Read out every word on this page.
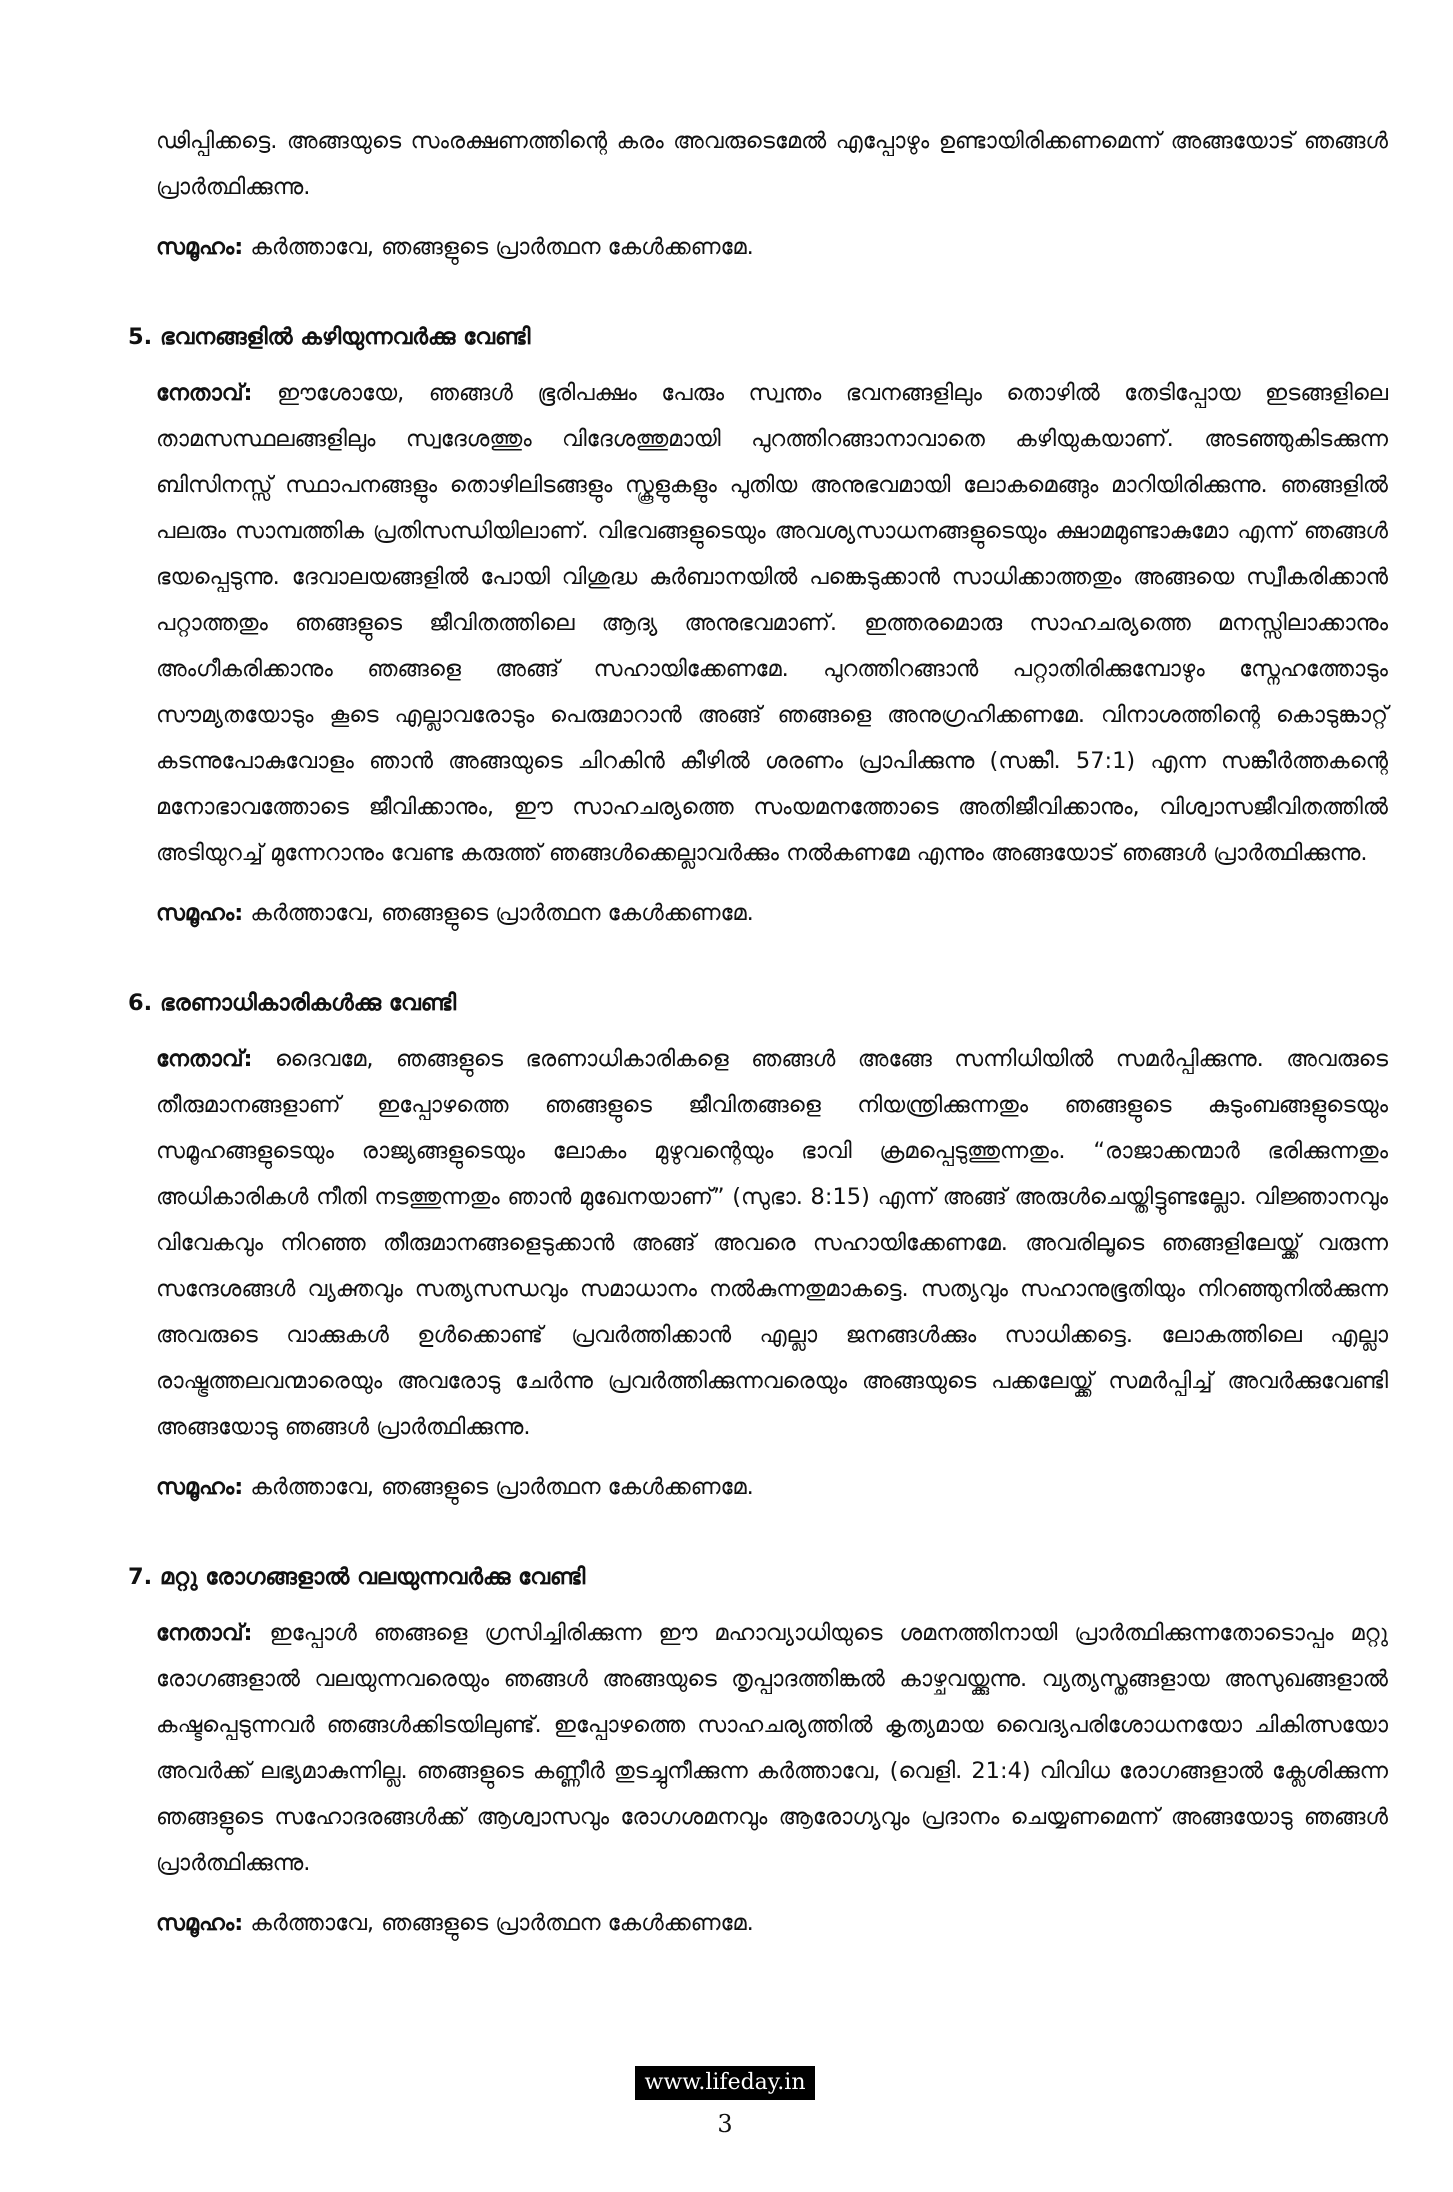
ഢിപ്പിക്കട്ടെ. അങ്ങയുടെ സംരക്ഷണത്തിന്റെ കരം അവരുടെമേൽ എപ്പോഴും ഉണ്ടായിരിക്കണമെന്ന് അങ്ങയോട് ഞങ്ങൾ പ്രാർത്ഥിക്കുന്നു.

സമൂഹം: കർത്താവേ, ഞങ്ങളുടെ പ്രാർത്ഥന കേൾക്കണമേ.

5. ഭവനങ്ങളിൽ കഴിയുന്നവർക്കു വേണ്ടി

നേതാവ്: ഈശോയേ, ഞങ്ങൾ ഭൂരിപക്ഷം പേരും സ്വന്തം ഭവനങ്ങളിലും തൊഴിൽ തേടിപ്പോയ ഇടങ്ങളിലെ താമസസ്ഥലങ്ങളിലും സ്വദേശത്തും വിദേശത്തുമായി പുറത്തിറങ്ങാനാവാതെ കഴിയുകയാണ്. അടഞ്ഞുകിടക്കുന്ന ബിസിനസ്സ് സ്ഥാപനങ്ങളും തൊഴിലിടങ്ങളും സ്കൂളുകളും പുതിയ അനുഭവമായി ലോകമെങ്ങും മാറിയിരിക്കുന്നു. ഞങ്ങളിൽ പലരും സാമ്പത്തിക പ്രതിസന്ധിയിലാണ്. വിഭവങ്ങളുടെയും അവശ്യസാധനങ്ങളുടെയും ക്ഷാമമുണ്ടാകുമോ എന്ന് ഞങ്ങൾ ഭയപ്പെടുന്നു. ദേവാലയങ്ങളിൽ പോയി വിശുദ്ധ കുർബാനയിൽ പങ്കെടുക്കാൻ സാധിക്കാത്തതും അങ്ങയെ സ്വീകരിക്കാൻ പറ്റാത്തതും ഞങ്ങളുടെ ജീവിതത്തിലെ ആദ്യ അനുഭവമാണ്. ഇത്തരമൊരു സാഹചര്യത്തെ മനസ്സിലാക്കാനും അംഗീകരിക്കാനും ഞങ്ങളെ അങ്ങ് സഹായിക്കേണമേ. പുറത്തിറങ്ങാൻ പറ്റാതിരിക്കുമ്പോഴും സ്നേഹത്തോടും സൗമ്യതയോടും കൂടെ എല്ലാവരോടും പെരുമാറാൻ അങ്ങ് ഞങ്ങളെ അനുഗ്രഹിക്കണമേ. വിനാശത്തിന്റെ കൊടുങ്കാറ്റ് കടന്നുപോകുവോളം ഞാൻ അങ്ങയുടെ ചിറകിൻ കീഴിൽ ശരണം പ്രാപിക്കുന്നു (സങ്കീ. 57:1) എന്ന സങ്കീർത്തകന്റെ മനോഭാവത്തോടെ ജീവിക്കാനും, ഈ സാഹചര്യത്തെ സംയമനത്തോടെ അതിജീവിക്കാനും, വിശ്വാസജീവിതത്തിൽ അടിയുറച്ച് മുന്നേറാനും വേണ്ട കരുത്ത് ഞങ്ങൾക്കെല്ലാവർക്കും നൽകണമേ എന്നും അങ്ങയോട് ഞങ്ങൾ പ്രാർത്ഥിക്കുന്നു.

സമൂഹം: കർത്താവേ, ഞങ്ങളുടെ പ്രാർത്ഥന കേൾക്കണമേ.

6. ഭരണാധികാരികൾക്കു വേണ്ടി

നേതാവ്: ദൈവമേ, ഞങ്ങളുടെ ഭരണാധികാരികളെ ഞങ്ങൾ അങ്ങേ സന്നിധിയിൽ സമർപ്പിക്കുന്നു. അവരുടെ തീരുമാനങ്ങളാണ് ഇപ്പോഴത്തെ ഞങ്ങളുടെ ജീവിതങ്ങളെ നിയന്ത്രിക്കുന്നതും ഞങ്ങളുടെ കുടുംബങ്ങളുടെയും സമൂഹങ്ങളുടെയും രാജ്യങ്ങളുടെയും ലോകം മുഴുവന്റെയും ഭാവി ക്രമപ്പെടുത്തുന്നതും. “രാജാക്കന്മാർ ഭരിക്കുന്നതും അധികാരികൾ നീതി നടത്തുന്നതും ഞാൻ മുഖേനയാണ്” (സുഭാ. 8:15) എന്ന് അങ്ങ് അരുൾചെയ്തിട്ടുണ്ടല്ലോ. വിജ്ഞാനവും വിവേകവും നിറഞ്ഞ തീരുമാനങ്ങളെടുക്കാൻ അങ്ങ് അവരെ സഹായിക്കേണമേ. അവരിലൂടെ ഞങ്ങളിലേയ്ക്ക് വരുന്ന സന്ദേശങ്ങൾ വ്യക്തവും സത്യസന്ധവും സമാധാനം നൽകുന്നതുമാകട്ടെ. സത്യവും സഹാനുഭൂതിയും നിറഞ്ഞുനിൽക്കുന്ന അവരുടെ വാക്കുകൾ ഉൾക്കൊണ്ട് പ്രവർത്തിക്കാൻ എല്ലാ ജനങ്ങൾക്കും സാധിക്കട്ടെ. ലോകത്തിലെ എല്ലാ രാഷ്ട്രത്തലവന്മാരെയും അവരോടു ചേർന്നു പ്രവർത്തിക്കുന്നവരെയും അങ്ങയുടെ പക്കലേയ്ക്ക് സമർപ്പിച്ച് അവർക്കുവേണ്ടി അങ്ങയോടു ഞങ്ങൾ പ്രാർത്ഥിക്കുന്നു.

സമൂഹം: കർത്താവേ, ഞങ്ങളുടെ പ്രാർത്ഥന കേൾക്കണമേ.

7. മറ്റു രോഗങ്ങളാൽ വലയുന്നവർക്കു വേണ്ടി

നേതാവ്: ഇപ്പോൾ ഞങ്ങളെ ഗ്രസിച്ചിരിക്കുന്ന ഈ മഹാവ്യാധിയുടെ ശമനത്തിനായി പ്രാർത്ഥിക്കുന്നതോടൊപ്പം മറ്റു രോഗങ്ങളാൽ വലയുന്നവരെയും ഞങ്ങൾ അങ്ങയുടെ തൃപ്പാദത്തിങ്കൽ കാഴ്ചവയ്ക്കുന്നു. വ്യത്യസ്തങ്ങളായ അസുഖങ്ങളാൽ കഷ്ടപ്പെടുന്നവർ ഞങ്ങൾക്കിടയിലുണ്ട്. ഇപ്പോഴത്തെ സാഹചര്യത്തിൽ കൃത്യമായ വൈദ്യപരിശോധനയോ ചികിത്സയോ അവർക്ക് ലഭ്യമാകുന്നില്ല. ഞങ്ങളുടെ കണ്ണീർ തുടച്ചുനീക്കുന്ന കർത്താവേ, (വെളി. 21:4) വിവിധ രോഗങ്ങളാൽ ക്ലേശിക്കുന്ന ഞങ്ങളുടെ സഹോദരങ്ങൾക്ക് ആശ്വാസവും രോഗശമനവും ആരോഗ്യവും പ്രദാനം ചെയ്യണമെന്ന് അങ്ങയോടു ഞങ്ങൾ പ്രാർത്ഥിക്കുന്നു.

സമൂഹം: കർത്താവേ, ഞങ്ങളുടെ പ്രാർത്ഥന കേൾക്കണമേ.

www.lifeday.in
3
